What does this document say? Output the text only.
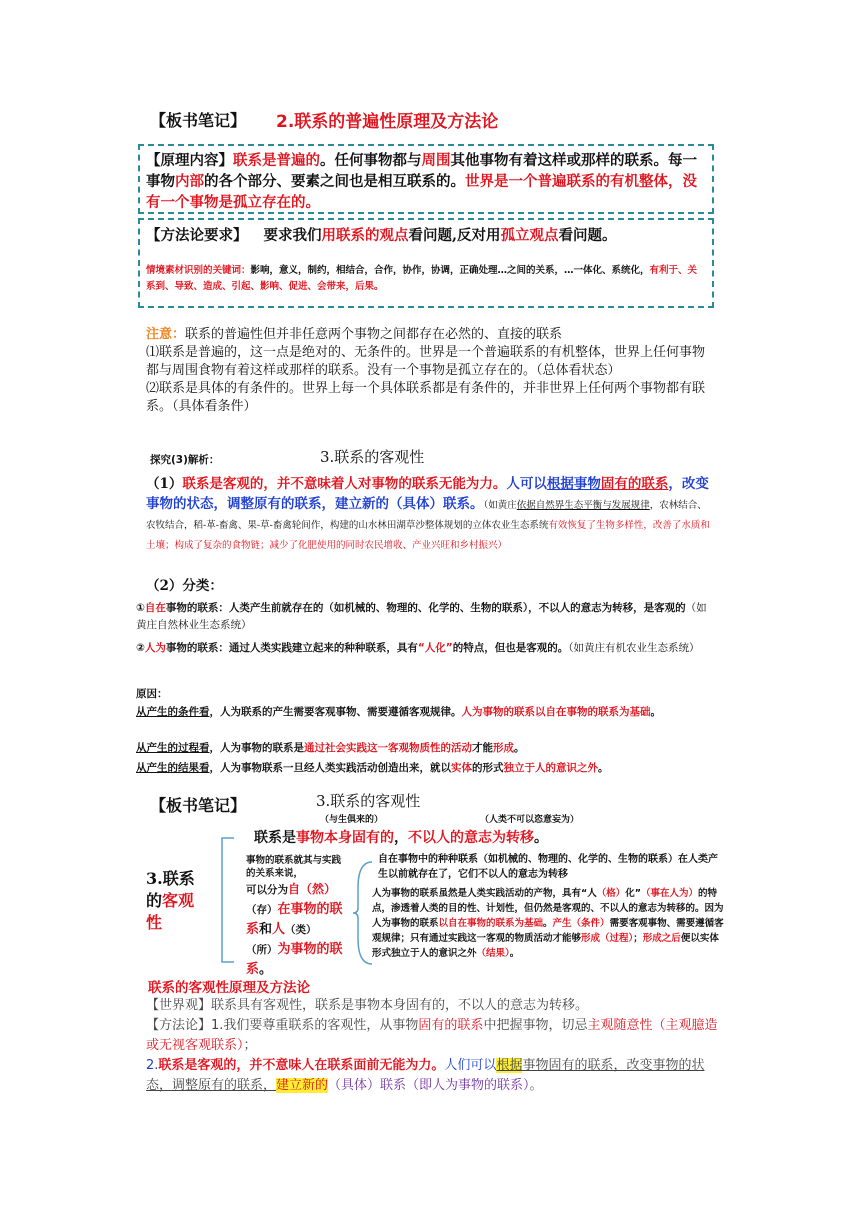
【板书笔记】 2.联系的普遍性原理及方法论
【原理内容】联系是普遍的。任何事物都与周围其他事物有着这样或那样的联系。每一事物内部的各个部分、要素之间也是相互联系的。世界是一个普遍联系的有机整体，没有一个事物是孤立存在的。
【方法论要求】 要求我们用联系的观点看问题,反对用孤立观点看问题。
情境素材识别的关键词：影响，意义，制约，相结合，合作，协作，协调，正确处理…之间的关系，…一体化、系统化，有利于、关系到、导致、造成、引起、影响、促进、会带来，后果。
注意：联系的普遍性但并非任意两个事物之间都存在必然的、直接的联系
⑴联系是普遍的，这一点是绝对的、无条件的。世界是一个普遍联系的有机整体，世界上任何事物都与周围食物有着这样或那样的联系。没有一个事物是孤立存在的。（总体看状态）
⑵联系是具体的有条件的。世界上每一个具体联系都是有条件的，并非世界上任何两个事物都有联系。（具体看条件）
探究(3)解析：	3.联系的客观性
（1）联系是客观的，并不意味着人对事物的联系无能为力。人可以根据事物固有的联系，改变事物的状态，调整原有的联系，建立新的（具体）联系。（如黄庄依据自然界生态平衡与发展规律，农林结合、农牧结合，稻-革-畜禽、果-草-畜禽轮间作，构建的山水林田湖草沙整体规划的立体农业生态系统有效恢复了生物多样性，改善了水质和土壤；构成了复杂的食物链；减少了化肥使用的同时农民增收、产业兴旺和乡村振兴）
（2）分类：
①自在事物的联系：人类产生前就存在的（如机械的、物理的、化学的、生物的联系），不以人的意志为转移，是客观的（如黄庄自然林业生态系统）
②人为事物的联系：通过人类实践建立起来的种种联系，具有“人化”的特点，但也是客观的。（如黄庄有机农业生态系统）
原因：
从产生的条件看，人为联系的产生需要客观事物、需要遵循客观规律。人为事物的联系以自在事物的联系为基础。
从产生的过程看，人为事物的联系是通过社会实践这一客观物质性的活动才能形成。
从产生的结果看，人为事物联系一旦经人类实践活动创造出来，就以实体的形式独立于人的意识之外。
【板书笔记】	3.联系的客观性
（与生俱来的）	（人类不可以恣意妄为）
联系是事物本身固有的，不以人的意志为转移。
3.联系
的客观
性
事物的联系就其与实践的关系来说，
可以分为自（然）
（存）在事物的联系和人（类）
（所）为事物的联系。
自在事物中的种种联系（如机械的、物理的、化学的、生物的联系）在人类产生以前就存在了，它们不以人的意志为转移
人为事物的联系虽然是人类实践活动的产物，具有“人（格）化”（事在人为）的特点，渗透着人类的目的性、计划性，但仍然是客观的、不以人的意志为转移的。因为人为事物的联系以自在事物的联系为基础。产生（条件）需要客观事物、需要遵循客观规律；只有通过实践这一客观的物质活动才能够形成（过程）；形成之后便以实体形式独立于人的意识之外（结果）。
联系的客观性原理及方法论
【世界观】联系具有客观性，联系是事物本身固有的，不以人的意志为转移。
【方法论】1.我们要尊重联系的客观性，从事物固有的联系中把握事物，切忌主观随意性（主观臆造或无视客观联系）；
2.联系是客观的，并不意味人在联系面前无能为力。人们可以根据事物固有的联系，改变事物的状态，调整原有的联系，建立新的（具体）联系（即人为事物的联系）。
